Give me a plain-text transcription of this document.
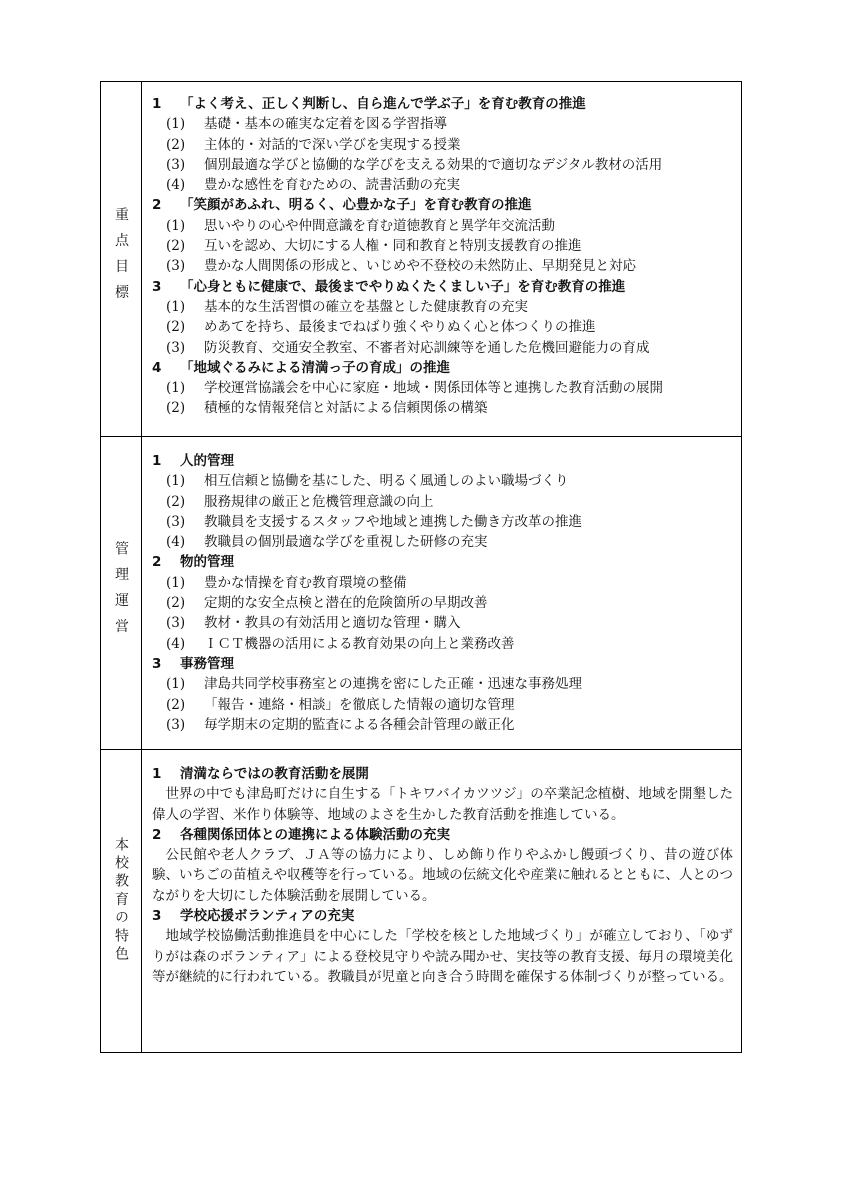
重点目標
1 「よく考え、正しく判断し、自ら進んで学ぶ子」を育む教育の推進
(1) 基礎・基本の確実な定着を図る学習指導
(2) 主体的・対話的で深い学びを実現する授業
(3) 個別最適な学びと協働的な学びを支える効果的で適切なデジタル教材の活用
(4) 豊かな感性を育むための、読書活動の充実
2 「笑顔があふれ、明るく、心豊かな子」を育む教育の推進
(1) 思いやりの心や仲間意識を育む道徳教育と異学年交流活動
(2) 互いを認め、大切にする人権・同和教育と特別支援教育の推進
(3) 豊かな人間関係の形成と、いじめや不登校の未然防止、早期発見と対応
3 「心身ともに健康で、最後までやりぬくたくましい子」を育む教育の推進
(1) 基本的な生活習慣の確立を基盤とした健康教育の充実
(2) めあてを持ち、最後までねばり強くやりぬく心と体つくりの推進
(3) 防災教育、交通安全教室、不審者対応訓練等を通した危機回避能力の育成
4 「地域ぐるみによる清満っ子の育成」の推進
(1) 学校運営協議会を中心に家庭・地域・関係団体等と連携した教育活動の展開
(2) 積極的な情報発信と対話による信頼関係の構築
管理運営
1 人的管理
(1) 相互信頼と協働を基にした、明るく風通しのよい職場づくり
(2) 服務規律の厳正と危機管理意識の向上
(3) 教職員を支援するスタッフや地域と連携した働き方改革の推進
(4) 教職員の個別最適な学びを重視した研修の充実
2 物的管理
(1) 豊かな情操を育む教育環境の整備
(2) 定期的な安全点検と潜在的危険箇所の早期改善
(3) 教材・教具の有効活用と適切な管理・購入
(4) ＩＣＴ機器の活用による教育効果の向上と業務改善
3 事務管理
(1) 津島共同学校事務室との連携を密にした正確・迅速な事務処理
(2) 「報告・連絡・相談」を徹底した情報の適切な管理
(3) 毎学期末の定期的監査による各種会計管理の厳正化
本校教育の特色
1 清満ならではの教育活動を展開
世界の中でも津島町だけに自生する「トキワバイカツツジ」の卒業記念植樹、地域を開墾した偉人の学習、米作り体験等、地域のよさを生かした教育活動を推進している。
2 各種関係団体との連携による体験活動の充実
公民館や老人クラブ、ＪＡ等の協力により、しめ飾り作りやふかし饅頭づくり、昔の遊び体験、いちごの苗植えや収穫等を行っている。地域の伝統文化や産業に触れるとともに、人とのつながりを大切にした体験活動を展開している。
3 学校応援ボランティアの充実
地域学校協働活動推進員を中心にした「学校を核とした地域づくり」が確立しており、「ゆずりがは森のボランティア」による登校見守りや読み聞かせ、実技等の教育支援、毎月の環境美化等が継続的に行われている。教職員が児童と向き合う時間を確保する体制づくりが整っている。
